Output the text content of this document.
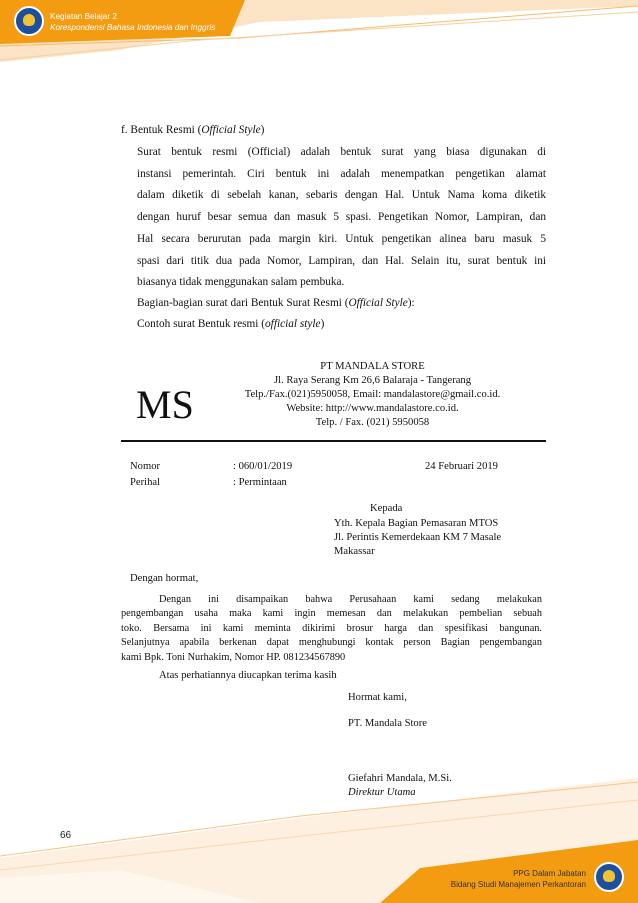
Kegiatan Belajar 2
Korespondensi Bahasa Indonesia dan Inggris
f. Bentuk Resmi (Official Style)
Surat bentuk resmi (Official) adalah bentuk surat yang biasa digunakan di
instansi pemerintah. Ciri bentuk ini adalah menempatkan pengetikan alamat
dalam diketik di sebelah kanan, sebaris dengan Hal. Untuk Nama koma diketik
dengan huruf besar semua dan masuk 5 spasi. Pengetikan Nomor, Lampiran, dan
Hal secara berurutan pada margin kiri. Untuk pengetikan alinea baru masuk 5
spasi dari titik dua pada Nomor, Lampiran, dan Hal. Selain itu, surat bentuk ini
biasanya tidak menggunakan salam pembuka.
Bagian-bagian surat dari Bentuk Surat Resmi (Official Style):
Contoh surat Bentuk resmi (official style)
MS
PT MANDALA STORE
Jl. Raya Serang Km 26,6 Balaraja - Tangerang
Telp./Fax.(021)5950058, Email: mandalastore@gmail.co.id.
Website: http://www.mandalastore.co.id.
Telp. / Fax. (021) 5950058
Nomor	: 060/01/2019	24 Februari 2019
Perihal	: Permintaan
Kepada
Yth. Kepala Bagian Pemasaran MTOS
Jl. Perintis Kemerdekaan KM 7 Masale
Makassar
Dengan hormat,
Dengan ini disampaikan bahwa Perusahaan kami sedang melakukan
pengembangan usaha maka kami ingin memesan dan melakukan pembelian sebuah
toko. Bersama ini kami meminta dikirimi brosur harga dan spesifikasi bangunan.
Selanjutnya apabila berkenan dapat menghubungi kontak person Bagian pengembangan
kami Bpk. Toni Nurhakim, Nomor HP. 081234567890
Atas perhatiannya diucapkan terima kasih
Hormat kami,
PT. Mandala Store
Giefahri Mandala, M.Si.
Direktur Utama
66
PPG Dalam Jabatan
Bidang Studi Manajemen Perkantoran
